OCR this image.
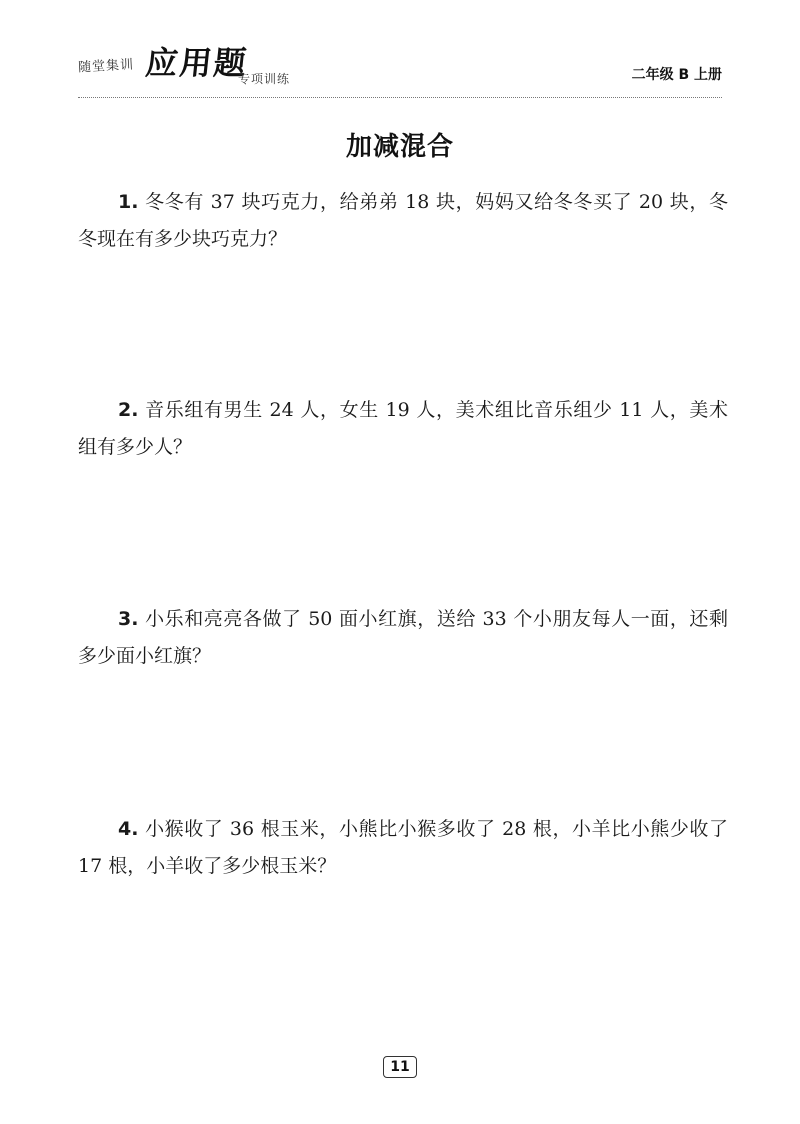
随堂集训 应用题
专项训练	二年级 B 上册
加减混合
1. 冬冬有 37 块巧克力，给弟弟 18 块，妈妈又给冬冬买了 20 块，冬冬现在有多少块巧克力？
2. 音乐组有男生 24 人，女生 19 人，美术组比音乐组少 11 人，美术组有多少人？
3. 小乐和亮亮各做了 50 面小红旗，送给 33 个小朋友每人一面，还剩多少面小红旗？
4. 小猴收了 36 根玉米，小熊比小猴多收了 28 根，小羊比小熊少收了 17 根，小羊收了多少根玉米？
11
